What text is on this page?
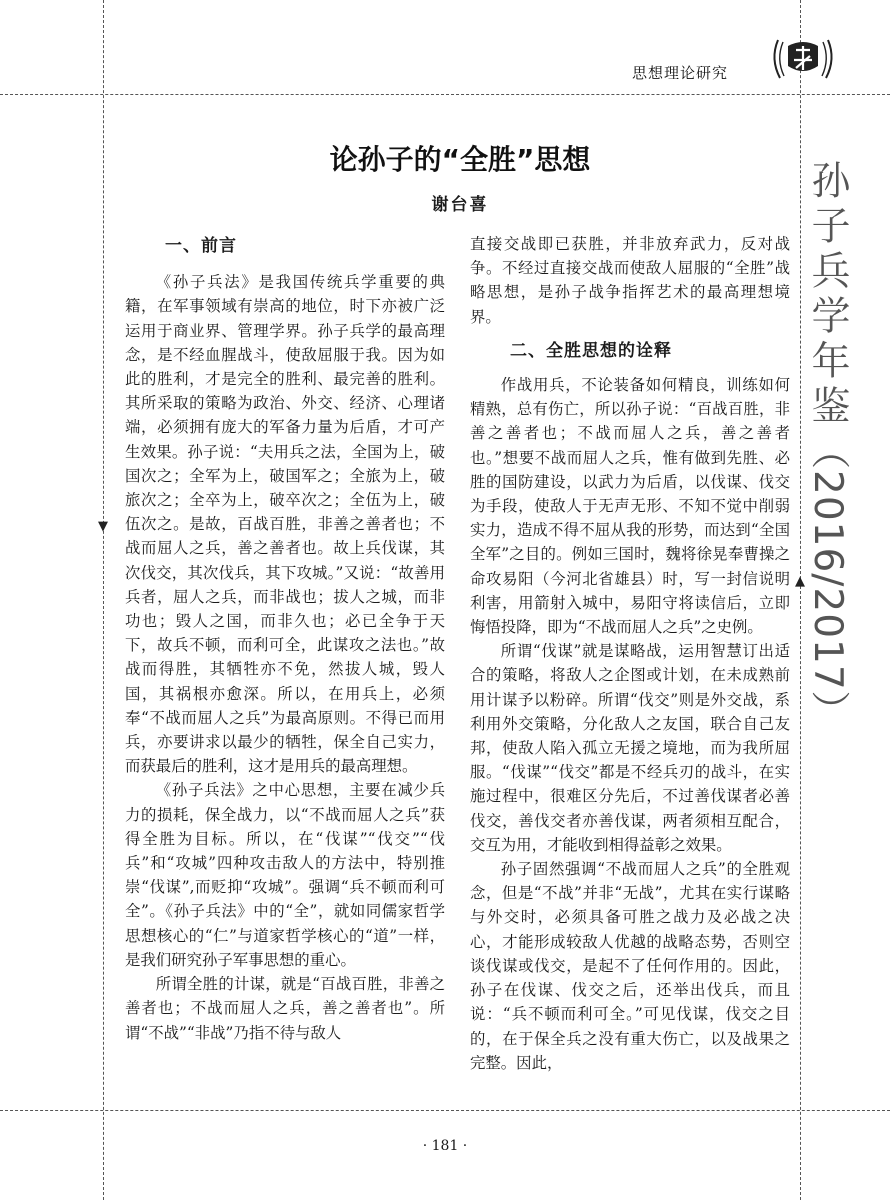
▼
▲
思想理论研究
孙子兵学年鉴（2016/2017）
论孙子的“全胜”思想
谢台喜
一、前言

《孙子兵法》是我国传统兵学重要的典籍，在军事领域有崇高的地位，时下亦被广泛运用于商业界、管理学界。孙子兵学的最高理念，是不经血腥战斗，使敌屈服于我。因为如此的胜利，才是完全的胜利、最完善的胜利。其所采取的策略为政治、外交、经济、心理诸端，必须拥有庞大的军备力量为后盾，才可产生效果。孙子说：“夫用兵之法，全国为上，破国次之；全军为上，破国军之；全旅为上，破旅次之；全卒为上，破卒次之；全伍为上，破伍次之。是故，百战百胜，非善之善者也；不战而屈人之兵，善之善者也。故上兵伐谋，其次伐交，其次伐兵，其下攻城。”又说：“故善用兵者，屈人之兵，而非战也；拔人之城，而非功也；毁人之国，而非久也；必已全争于天下，故兵不顿，而利可全，此谋攻之法也。”故战而得胜，其牺牲亦不免，然拔人城，毁人国，其祸根亦愈深。所以，在用兵上，必须奉“不战而屈人之兵”为最高原则。不得已而用兵，亦要讲求以最少的牺牲，保全自己实力，而获最后的胜利，这才是用兵的最高理想。

《孙子兵法》之中心思想，主要在减少兵力的损耗，保全战力，以“不战而屈人之兵”获得全胜为目标。所以，在“伐谋”“伐交”“伐兵”和“攻城”四种攻击敌人的方法中，特别推崇“伐谋”,而贬抑“攻城”。强调“兵不顿而利可全”。《孙子兵法》中的“全”，就如同儒家哲学思想核心的“仁”与道家哲学核心的“道”一样，是我们研究孙子军事思想的重心。

所谓全胜的计谋，就是“百战百胜，非善之善者也；不战而屈人之兵，善之善者也”。所谓“不战”“非战”乃指不待与敌人

直接交战即已获胜，并非放弃武力，反对战争。不经过直接交战而使敌人屈服的“全胜”战略思想，是孙子战争指挥艺术的最高理想境界。

二、全胜思想的诠释

作战用兵，不论装备如何精良，训练如何精熟，总有伤亡，所以孙子说：“百战百胜，非善之善者也；不战而屈人之兵，善之善者也。”想要不战而屈人之兵，惟有做到先胜、必胜的国防建设，以武力为后盾，以伐谋、伐交为手段，使敌人于无声无形、不知不觉中削弱实力，造成不得不屈从我的形势，而达到“全国全军”之目的。例如三国时，魏将徐晃奉曹操之命攻易阳（今河北省雄县）时，写一封信说明利害，用箭射入城中，易阳守将读信后，立即悔悟投降，即为“不战而屈人之兵”之史例。

所谓“伐谋”就是谋略战，运用智慧订出适合的策略，将敌人之企图或计划，在未成熟前用计谋予以粉碎。所谓“伐交”则是外交战，系利用外交策略，分化敌人之友国，联合自己友邦，使敌人陷入孤立无援之境地，而为我所屈服。“伐谋”“伐交”都是不经兵刃的战斗，在实施过程中，很难区分先后，不过善伐谋者必善伐交，善伐交者亦善伐谋，两者须相互配合，交互为用，才能收到相得益彰之效果。

孙子固然强调“不战而屈人之兵”的全胜观念，但是“不战”并非“无战”，尤其在实行谋略与外交时，必须具备可胜之战力及必战之决心，才能形成较敌人优越的战略态势，否则空谈伐谋或伐交，是起不了任何作用的。因此，孙子在伐谋、伐交之后，还举出伐兵，而且说：“兵不顿而利可全。”可见伐谋，伐交之目的，在于保全兵之没有重大伤亡，以及战果之完整。因此，

· 181 ·
